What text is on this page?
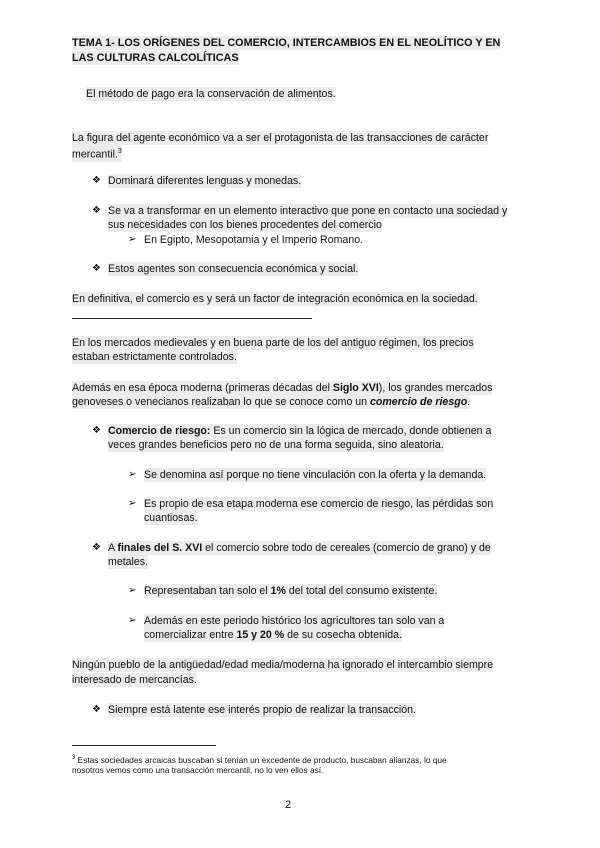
TEMA 1- LOS ORÍGENES DEL COMERCIO, INTERCAMBIOS EN EL NEOLÍTICO Y EN
LAS CULTURAS CALCOLÍTICAS
El método de pago era la conservación de alimentos.
La figura del agente económico va a ser el protagonista de las transacciones de carácter
mercantil.$^3$
❖ Dominará diferentes lenguas y monedas.
❖ Se va a transformar en un elemento interactivo que pone en contacto una sociedad y
sus necesidades con los bienes procedentes del comercio
➢ En Egipto, Mesopotamia y el Imperio Romano.
❖ Estos agentes son consecuencia económica y social.
En definitiva, el comercio es y será un factor de integración económica en la sociedad.
En los mercados medievales y en buena parte de los del antiguo régimen, los precios
estaban estrictamente controlados.
Además en esa época moderna (primeras décadas del Siglo XVI), los grandes mercados
genoveses o venecianos realizaban lo que se conoce como un comercio de riesgo.
❖ Comercio de riesgo: Es un comercio sin la lógica de mercado, donde obtienen a
veces grandes beneficios pero no de una forma seguida, sino aleatoria.
➢ Se denomina así porque no tiene vinculación con la oferta y la demanda.
➢ Es propio de esa etapa moderna ese comercio de riesgo, las pérdidas son
cuantiosas.
❖ A finales del S. XVI el comercio sobre todo de cereales (comercio de grano) y de
metales.
➢ Representaban tan solo el 1% del total del consumo existente.
➢ Además en este periodo histórico los agricultores tan solo van a
comercializar entre 15 y 20 % de su cosecha obtenida.
Ningún pueblo de la antigüedad/edad media/moderna ha ignorado el intercambio siempre
interesado de mercancías.
❖ Siempre está latente ese interés propio de realizar la transacción.
$^3$ Estas sociedades arcaicas buscaban si tenían un excedente de producto, buscaban alianzas, lo que
nosotros vemos como una transacción mercantil, no lo ven ellos así.
2
